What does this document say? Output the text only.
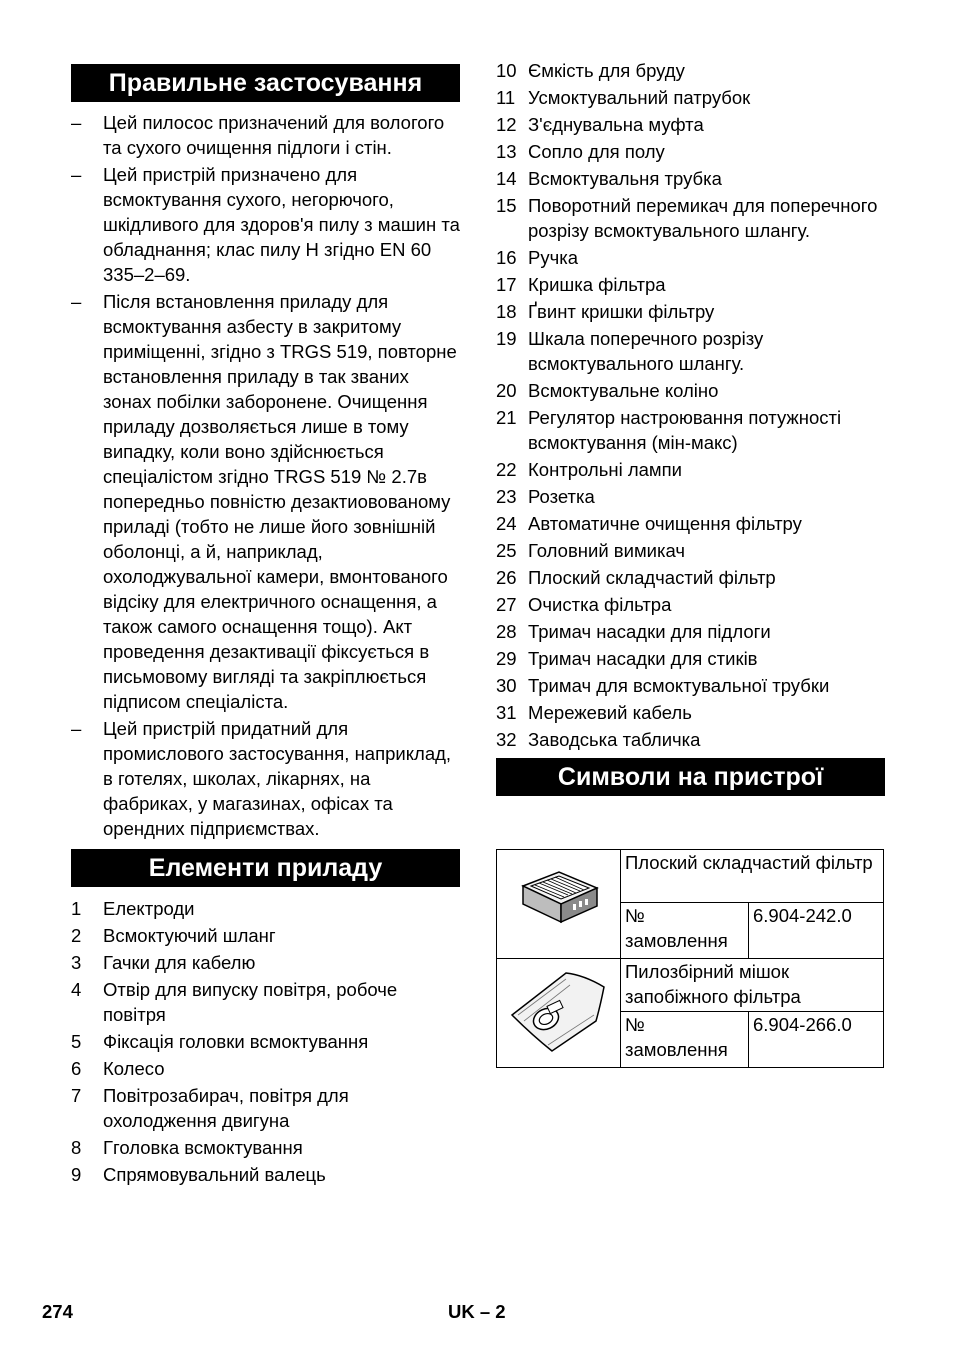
Правильне застосування
– Цей пилосос призначений для вологого та сухого очищення підлоги і стін.
– Цей пристрій призначено для всмоктування сухого, негорючого, шкідливого для здоров'я пилу з машин та обладнання; клас пилу H згідно EN 60 335–2–69.
– Після встановлення приладу для всмоктування азбесту в закритому приміщенні, згідно з TRGS 519, повторне встановлення приладу в так званих зонах побілки заборонене. Очищення приладу дозволяється лише в тому випадку, коли воно здійснюється спеціалістом згідно TRGS 519 № 2.7в попередньо повністю дезактиовованому приладі (тобто не лише його зовнішній оболонці, а й, наприклад, охолоджувальної камери, вмонтованого відсіку для електричного оснащення, а також самого оснащення тощо). Акт проведення дезактивації фіксується в письмовому вигляді та закріплюється підписом спеціаліста.
– Цей пристрій придатний для промислового застосування, наприклад, в готелях, школах, лікарнях, на фабриках, у магазинах, офісах та орендних підприємствах.
Елементи приладу
1 Електроди
2 Всмоктуючий шланг
3 Гачки для кабелю
4 Отвір для випуску повітря, робоче повітря
5 Фіксація головки всмоктування
6 Колесо
7 Повітрозабирач, повітря для охолодження двигуна
8 Гголовка всмоктування
9 Спрямовувальний валець
10 Ємкість для бруду
11 Усмоктувальний патрубок
12 З'єднувальна муфта
13 Сопло для полу
14 Всмоктувальня трубка
15 Поворотний перемикач для поперечного розрізу всмоктувального шлангу.
16 Ручка
17 Кришка фільтра
18 Ґвинт кришки фільтру
19 Шкала поперечного розрізу всмоктувального шлангу.
20 Всмоктувальне коліно
21 Регулятор настроювання потужності всмоктування (мін-макс)
22 Контрольні лампи
23 Розетка
24 Автоматичне очищення фільтру
25 Головний вимикач
26 Плоский складчастий фільтр
27 Очистка фільтра
28 Тримач насадки для підлоги
29 Тримач насадки для стиків
30 Тримач для всмоктувальної трубки
31 Мережевий кабель
32 Заводська табличка
Символи на пристрої
	Плоский складчастий фільтр	
	№ замовлення	6.904-242.0
	Пилозбірний мішок запобіжного фільтра	
	№ замовлення	6.904-266.0
274	UK – 2
